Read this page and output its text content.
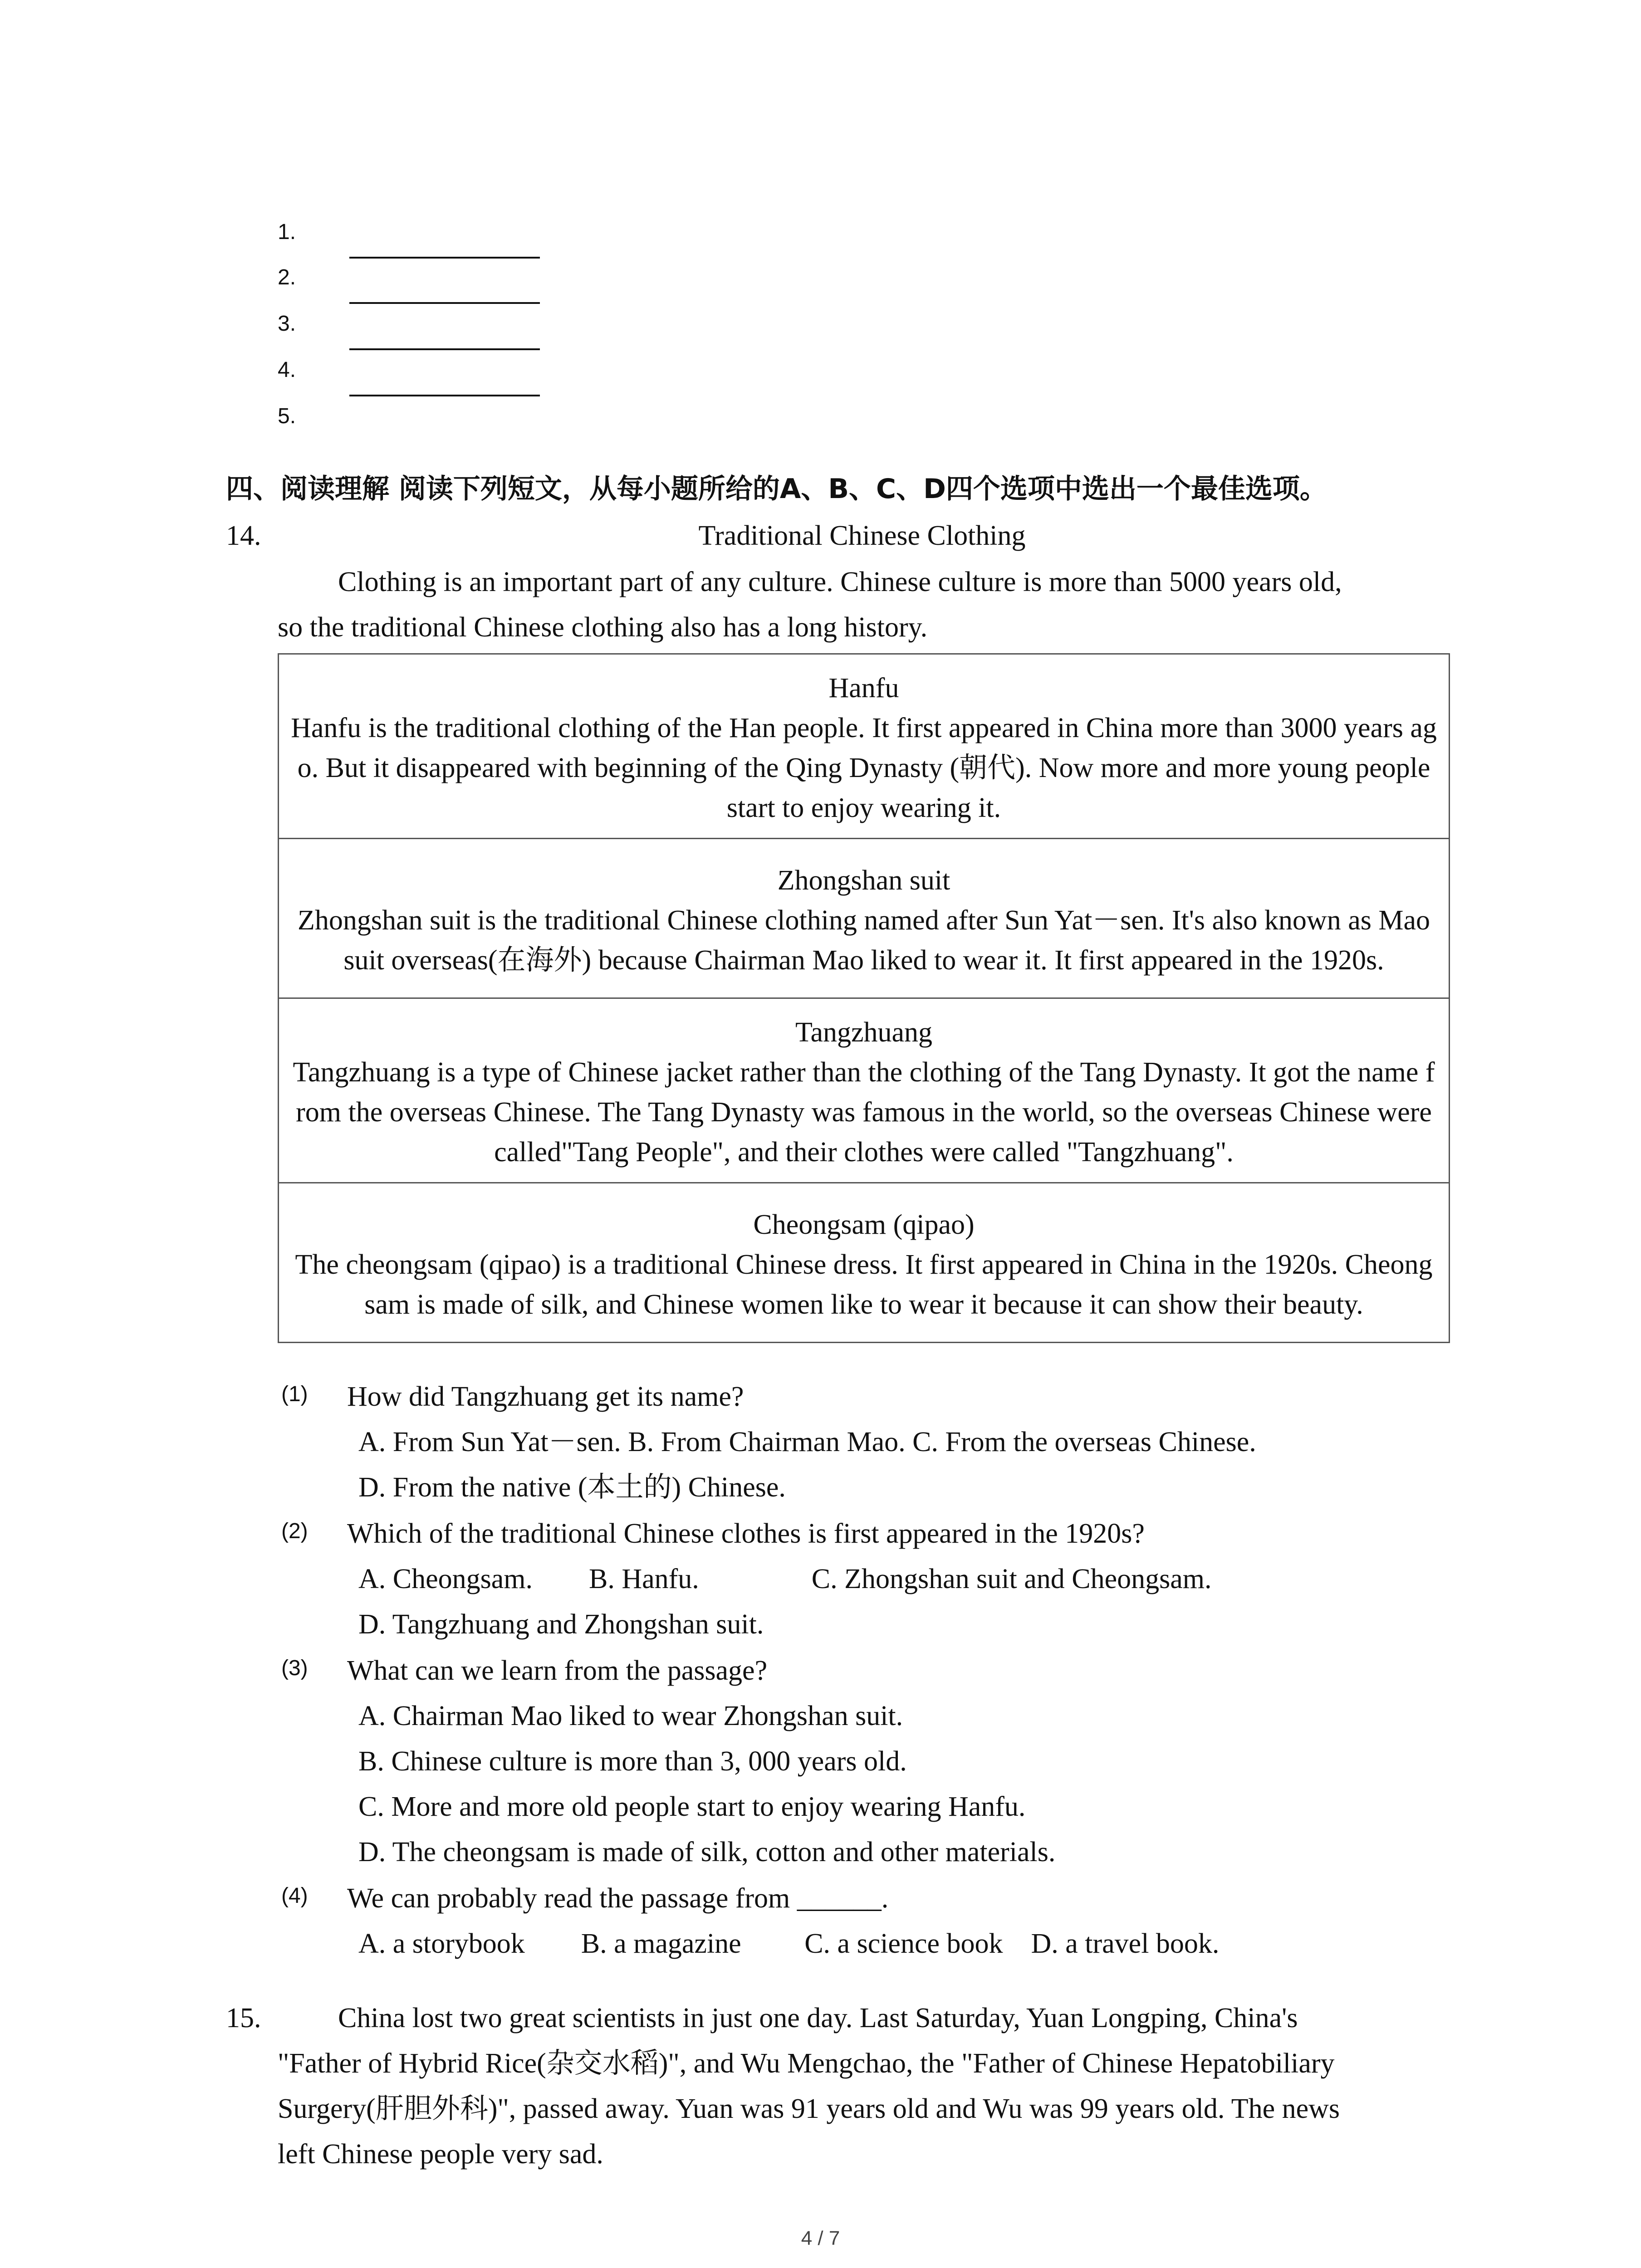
1.
2.
3.
4.
5.
四、阅读理解 阅读下列短文，从每小题所给的A、B、C、D四个选项中选出一个最佳选项。
14.	Traditional Chinese Clothing
Clothing is an important part of any culture. Chinese culture is more than 5000 years old,
so the traditional Chinese clothing also has a long history.
Hanfu
Hanfu is the traditional clothing of the Han people. It first appeared in China more than 3000 years ago. But it disappeared with beginning of the Qing Dynasty (朝代). Now more and more young people start to enjoy wearing it.

Zhongshan suit
Zhongshan suit is the traditional Chinese clothing named after Sun Yat－sen. It's also known as Mao suit overseas(在海外) because Chairman Mao liked to wear it. It first appeared in the 1920s.

Tangzhuang
Tangzhuang is a type of Chinese jacket rather than the clothing of the Tang Dynasty. It got the name from the overseas Chinese. The Tang Dynasty was famous in the world, so the overseas Chinese were called"Tang People", and their clothes were called "Tangzhuang".

Cheongsam (qipao)
The cheongsam (qipao) is a traditional Chinese dress. It first appeared in China in the 1920s. Cheongsam is made of silk, and Chinese women like to wear it because it can show their beauty.
(1) How did Tangzhuang get its name?
A. From Sun Yat－sen. B. From Chairman Mao. C. From the overseas Chinese.
D. From the native (本土的) Chinese.
(2) Which of the traditional Chinese clothes is first appeared in the 1920s?
A. Cheongsam.        B. Hanfu.                C. Zhongshan suit and Cheongsam.
D. Tangzhuang and Zhongshan suit.
(3) What can we learn from the passage?
A. Chairman Mao liked to wear Zhongshan suit.
B. Chinese culture is more than 3, 000 years old.
C. More and more old people start to enjoy wearing Hanfu.
D. The cheongsam is made of silk, cotton and other materials.
(4) We can probably read the passage from ______.
A. a storybook        B. a magazine         C. a science book    D. a travel book.
15.	China lost two great scientists in just one day. Last Saturday, Yuan Longping, China's
"Father of Hybrid Rice(杂交水稻)", and Wu Mengchao, the "Father of Chinese Hepatobiliary
Surgery(肝胆外科)", passed away. Yuan was 91 years old and Wu was 99 years old. The news
left Chinese people very sad.
4 / 7
